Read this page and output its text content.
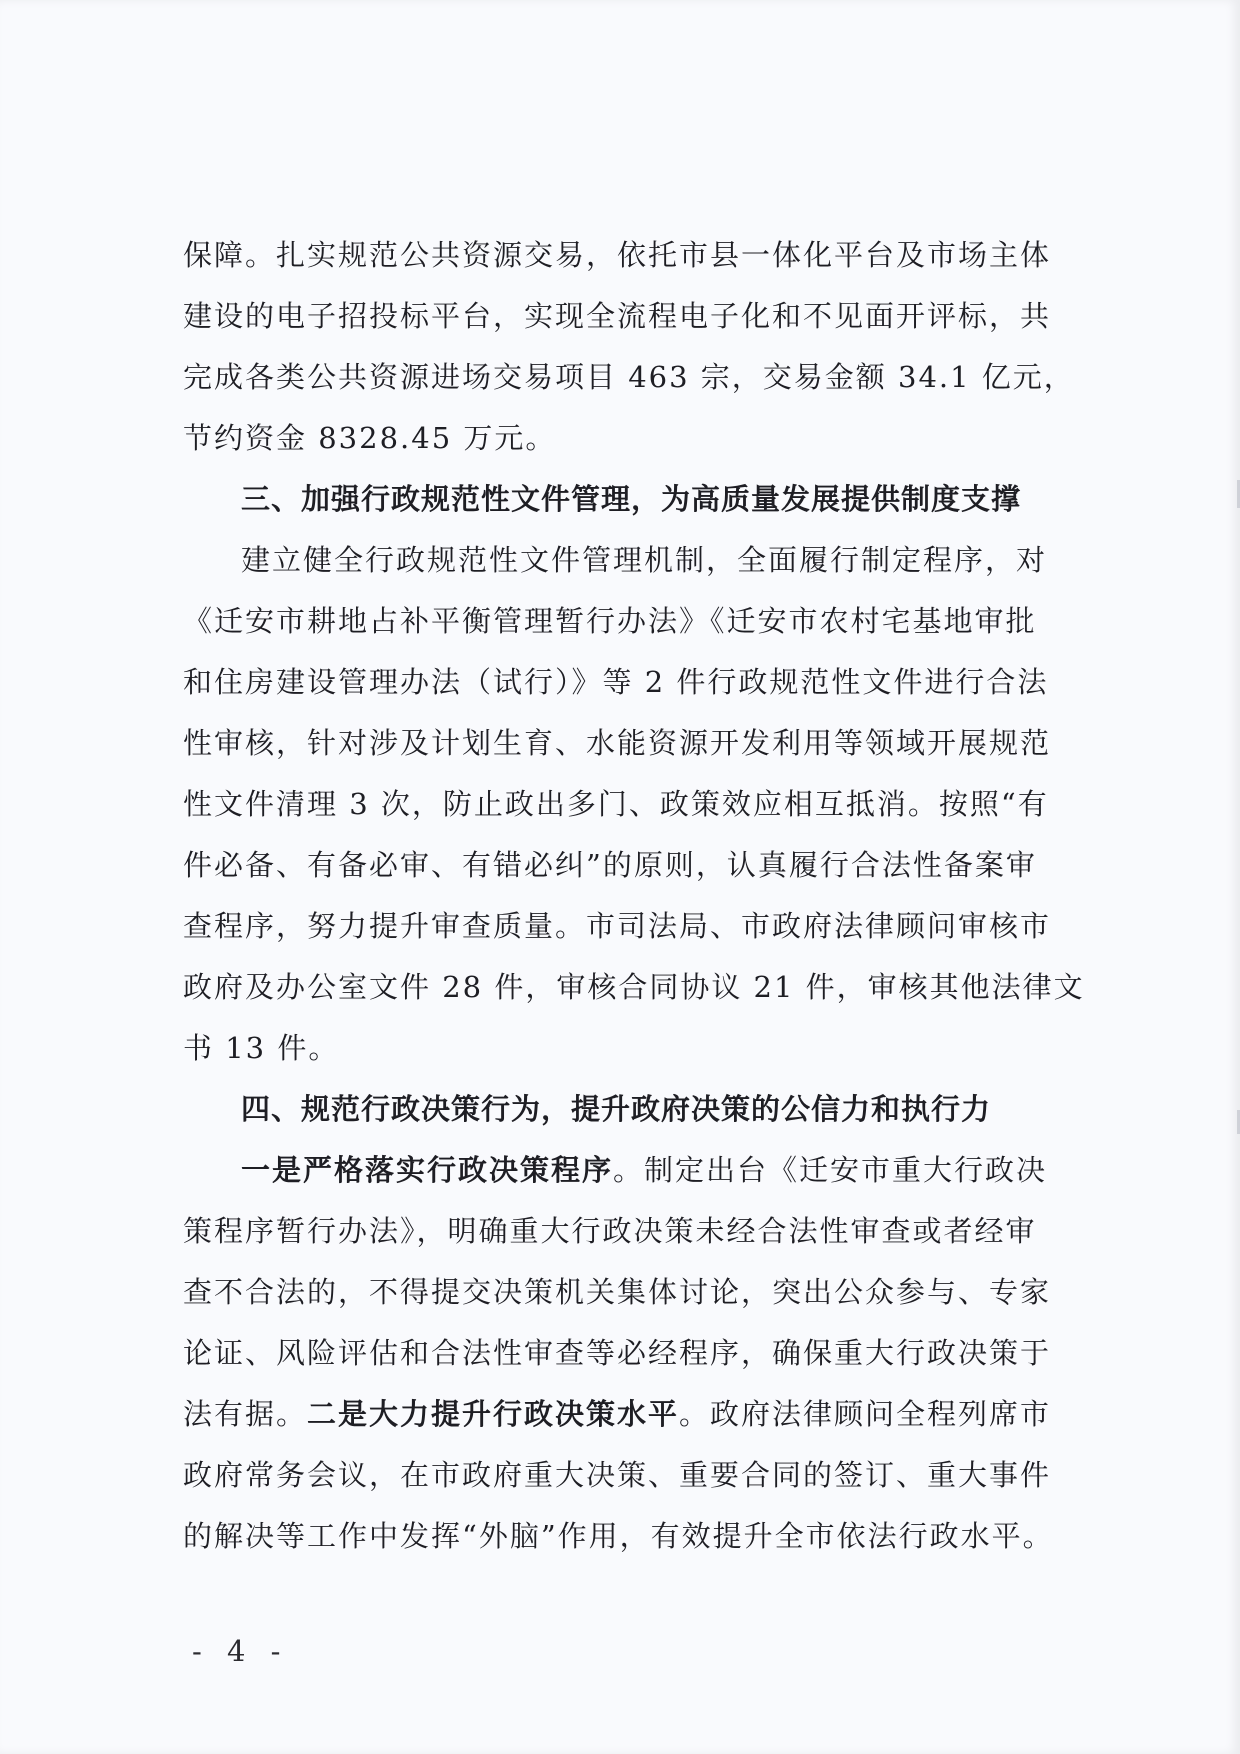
保障。扎实规范公共资源交易，依托市县一体化平台及市场主体
建设的电子招投标平台，实现全流程电子化和不见面开评标，共
完成各类公共资源进场交易项目 463 宗，交易金额 34.1 亿元，
节约资金 8328.45 万元。
三、加强行政规范性文件管理，为高质量发展提供制度支撑
建立健全行政规范性文件管理机制，全面履行制定程序，对
《迁安市耕地占补平衡管理暂行办法》《迁安市农村宅基地审批
和住房建设管理办法（试行）》等 2 件行政规范性文件进行合法
性审核，针对涉及计划生育、水能资源开发利用等领域开展规范
性文件清理 3 次，防止政出多门、政策效应相互抵消。按照“有
件必备、有备必审、有错必纠”的原则，认真履行合法性备案审
查程序，努力提升审查质量。市司法局、市政府法律顾问审核市
政府及办公室文件 28 件，审核合同协议 21 件，审核其他法律文
书 13 件。
四、规范行政决策行为，提升政府决策的公信力和执行力
一是严格落实行政决策程序。制定出台《迁安市重大行政决
策程序暂行办法》，明确重大行政决策未经合法性审查或者经审
查不合法的，不得提交决策机关集体讨论，突出公众参与、专家
论证、风险评估和合法性审查等必经程序，确保重大行政决策于
法有据。二是大力提升行政决策水平。政府法律顾问全程列席市
政府常务会议，在市政府重大决策、重要合同的签订、重大事件
的解决等工作中发挥“外脑”作用，有效提升全市依法行政水平。
- 4 -
